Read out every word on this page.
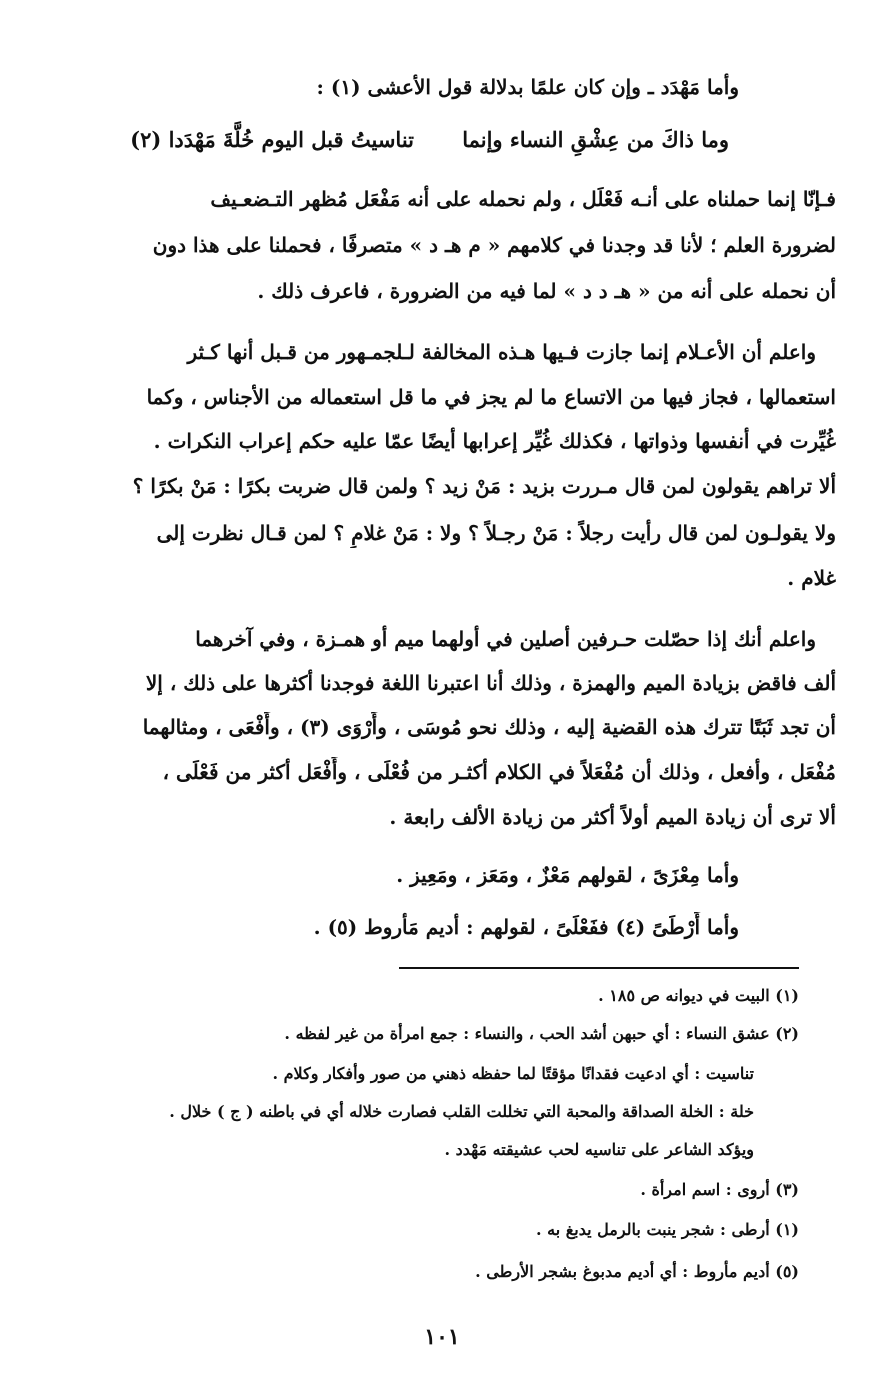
وأما مَهْدَد ـ وإن كان علمًا بدلالة قول الأعشى (١) :
وما ذاكَ من عِشْقِ النساء وإنما
تناسيتُ قبل اليوم خُلَّةَ مَهْدَدا (٢)
فـإنّا إنما حملناه على أنـه فَعْلَل ، ولم نحمله على أنه مَفْعَل مُظهر التـضعـيف
لضرورة العلم ؛ لأنا قد وجدنا في كلامهم « م هـ د » متصرفًا ، فحملنا على هذا دون
أن نحمله على أنه من « هـ د د » لما فيه من الضرورة ، فاعرف ذلك .
واعلم أن الأعـلام إنما جازت فـيها هـذه المخالفة لـلجمـهور من قـبل أنها كـثر
استعمالها ، فجاز فيها من الاتساع ما لم يجز في ما قل استعماله من الأجناس ، وكما
غُيِّرت في أنفسها وذواتها ، فكذلك غُيِّر إعرابها أيضًا عمّا عليه حكم إعراب النكرات .
ألا تراهم يقولون لمن قال مـررت بزيد : مَنْ زيد ؟ ولمن قال ضربت بكرًا : مَنْ بكرًا ؟
ولا يقولـون لمن قال رأيت رجلاً : مَنْ رجـلاً ؟ ولا : مَنْ غلامٍ ؟ لمن قـال نظرت إلى
غلام .
واعلم أنك إذا حصّلت حـرفين أصلين في أولهما ميم أو همـزة ، وفي آخرهما
ألف فاقض بزيادة الميم والهمزة ، وذلك أنا اعتبرنا اللغة فوجدنا أكثرها على ذلك ، إلا
أن تجد ثَبَتًا تترك هذه القضية إليه ، وذلك نحو مُوسَى ، وأَرْوَى (٣) ، وأَفْعَى ، ومثالهما
مُفْعَل ، وأفعل ، وذلك أن مُفْعَلاً في الكلام أكثـر من فُعْلَى ، وأَفْعَل أكثر من فَعْلَى ،
ألا ترى أن زيادة الميم أولاً أكثر من زيادة الألف رابعة .
وأما مِعْزَىً ، لقولهم مَعْزٌ ، ومَعَز ، ومَعِيز .
وأما أَرْطَىً (٤) ففَعْلَىً ، لقولهم : أديم مَأْروط (٥) .
(١) البيت في ديوانه ص ١٨٥ .
(٢) عشق النساء : أي حبهن أشد الحب ، والنساء : جمع امرأة من غير لفظه .
تناسيت : أي ادعيت فقدانًا مؤقتًا لما حفظه ذهني من صور وأفكار وكلام .
خلة : الخلة الصداقة والمحبة التي تخللت القلب فصارت خلاله أي في باطنه ( ج ) خلال .
ويؤكد الشاعر على تناسيه لحب عشيقته مَهْدد .
(٣) أروى : اسم امرأة .
(١) أرطى : شجر ينبت بالرمل يدبغ به .
(٥) أديم مأروط : أي أديم مدبوغ بشجر الأرطى .
١٠١
